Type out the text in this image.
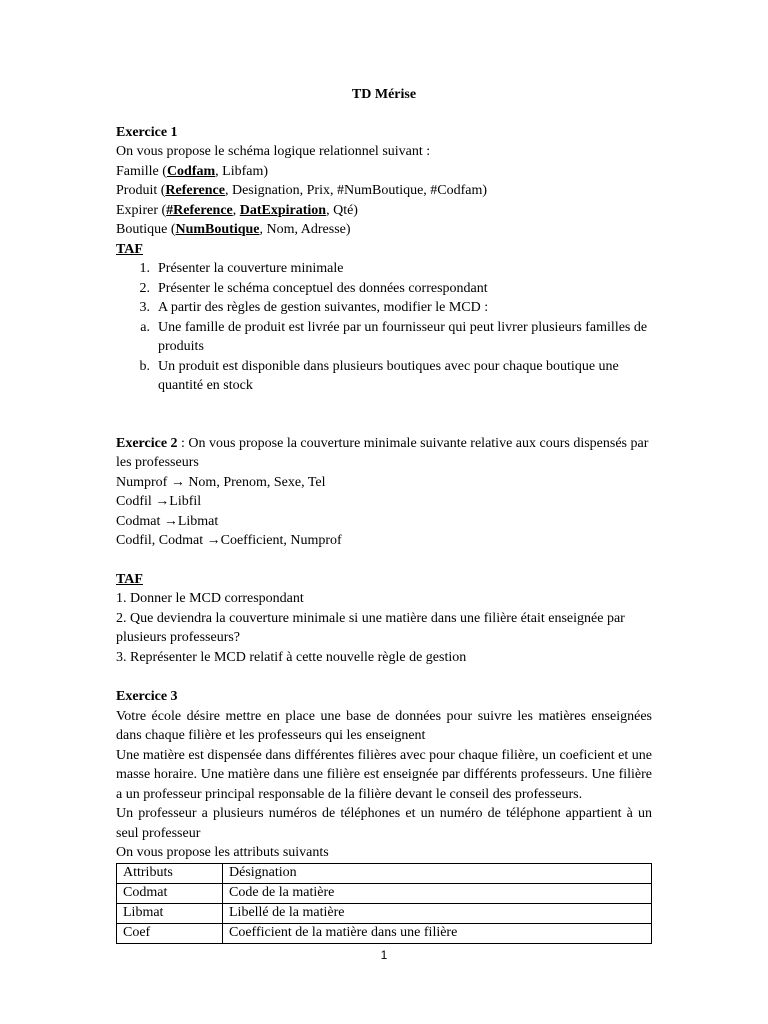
TD Mérise

Exercice 1

On vous propose le schéma logique relationnel suivant :

Famille (Codfam, Libfam)

Produit (Reference, Designation, Prix, #NumBoutique, #Codfam)

Expirer (#Reference, DatExpiration, Qté)

Boutique (NumBoutique, Nom, Adresse)

TAF

1. Présenter la couverture minimale
2. Présenter le schéma conceptuel des données correspondant
3. A partir des règles de gestion suivantes, modifier le MCD :
a. Une famille de produit est livrée par un fournisseur qui peut livrer plusieurs familles de produits
b. Un produit est disponible dans plusieurs boutiques avec pour chaque boutique une quantité en stock

Exercice 2 : On vous propose la couverture minimale suivante relative aux cours dispensés par les professeurs

Numprof → Nom, Prenom, Sexe, Tel

Codfil →Libfil

Codmat →Libmat

Codfil, Codmat →Coefficient, Numprof

TAF

1. Donner le MCD correspondant

2. Que deviendra la couverture minimale si une matière dans une filière était enseignée par plusieurs professeurs?

3. Représenter le MCD relatif à cette nouvelle règle de gestion

Exercice 3

Votre école désire mettre en place une base de données pour suivre les matières enseignées dans chaque filière et les professeurs qui les enseignent

Une matière est dispensée dans différentes filières avec pour chaque filière, un coeficient et une masse horaire. Une matière dans une filière est enseignée par différents professeurs. Une filière a un professeur principal responsable de la filière devant le conseil des professeurs.

Un professeur a plusieurs numéros de téléphones et un numéro de téléphone appartient à un seul professeur

On vous propose les attributs suivants

Attributs	Désignation
Codmat	Code de la matière
Libmat	Libellé de la matière
Coef	Coefficient de la matière dans une filière
1
